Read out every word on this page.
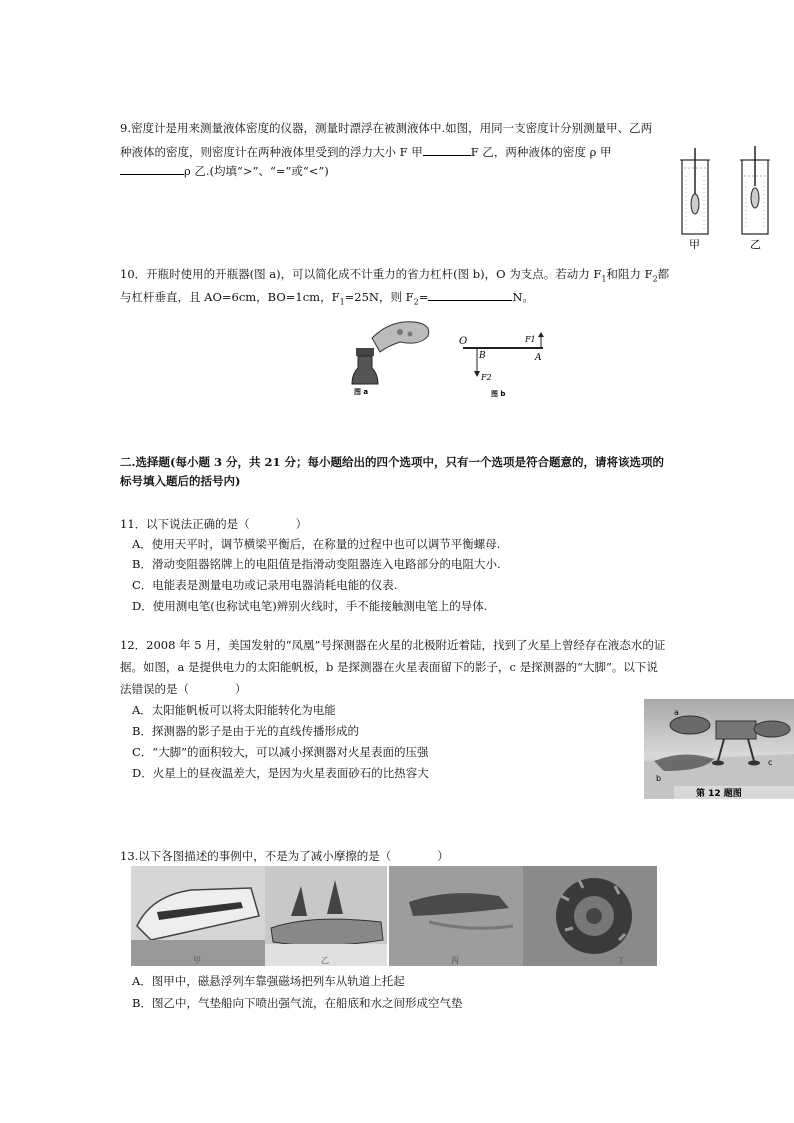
9.密度计是用来测量液体密度的仪器，测量时漂浮在被测液体中.如图，用同一支密度计分别测量甲、乙两
种液体的密度，则密度计在两种液体里受到的浮力大小 F 甲	F 乙，两种液体的密度 ρ 甲
ρ 乙.(均填“>”、“=”或“<”)
甲	乙
10．开瓶时使用的开瓶器(图 a)，可以简化成不计重力的省力杠杆(图 b)，O 为支点。若动力 $F_1$和阻力 $F_2$都
与杠杆垂直，且 AO=6cm，BO=1cm，$F_1=25N$，则 $F_2=$	N。
图 a
O
B	A
F1
F2
图 b
二.选择题(每小题 3 分，共 21 分；每小题给出的四个选项中，只有一个选项是符合题意的，请将该选项的
标号填入题后的括号内)
11．以下说法正确的是（　　　　）
A．使用天平时，调节横梁平衡后，在称量的过程中也可以调节平衡螺母.
B．滑动变阻器铭牌上的电阻值是指滑动变阻器连入电路部分的电阻大小.
C．电能表是测量电功或记录用电器消耗电能的仪表.
D．使用测电笔(也称试电笔)辨别火线时，手不能接触测电笔上的导体.
12．2008 年 5 月，美国发射的“凤凰”号探测器在火星的北极附近着陆，找到了火星上曾经存在液态水的证
据。如图，a 是提供电力的太阳能帆板，b 是探测器在火星表面留下的影子，c 是探测器的“大脚”。以下说
法错误的是（　　　　）
A．太阳能帆板可以将太阳能转化为电能
B．探测器的影子是由于光的直线传播形成的
C．“大脚”的面积较大，可以减小探测器对火星表面的压强
D．火星上的昼夜温差大，是因为火星表面砂石的比热容大
a
b
c
第 12 题图
13.以下各图描述的事例中，不是为了减小摩擦的是（　　　　）
甲	乙	丙	丁
A．图甲中，磁悬浮列车靠强磁场把列车从轨道上托起
B．图乙中，气垫船向下喷出强气流，在船底和水之间形成空气垫
